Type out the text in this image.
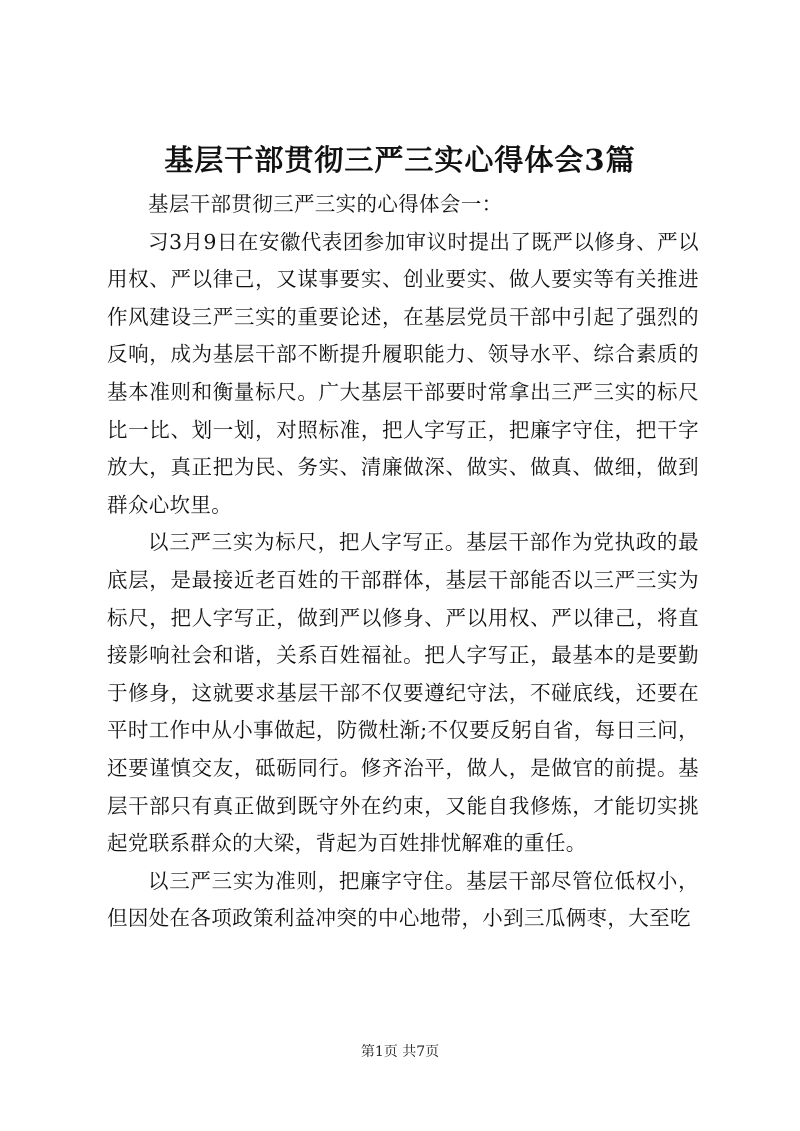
基层干部贯彻三严三实心得体会3篇

基层干部贯彻三严三实的心得体会一：

习3月9日在安徽代表团参加审议时提出了既严以修身、严以用权、严以律己，又谋事要实、创业要实、做人要实等有关推进作风建设三严三实的重要论述，在基层党员干部中引起了强烈的反响，成为基层干部不断提升履职能力、领导水平、综合素质的基本准则和衡量标尺。广大基层干部要时常拿出三严三实的标尺比一比、划一划，对照标准，把人字写正，把廉字守住，把干字放大，真正把为民、务实、清廉做深、做实、做真、做细，做到群众心坎里。

以三严三实为标尺，把人字写正。基层干部作为党执政的最底层，是最接近老百姓的干部群体，基层干部能否以三严三实为标尺，把人字写正，做到严以修身、严以用权、严以律己，将直接影响社会和谐，关系百姓福祉。把人字写正，最基本的是要勤于修身，这就要求基层干部不仅要遵纪守法，不碰底线，还要在平时工作中从小事做起，防微杜渐;不仅要反躬自省，每日三问，还要谨慎交友，砥砺同行。修齐治平，做人，是做官的前提。基层干部只有真正做到既守外在约束，又能自我修炼，才能切实挑起党联系群众的大梁，背起为百姓排忧解难的重任。

以三严三实为准则，把廉字守住。基层干部尽管位低权小，但因处在各项政策利益冲突的中心地带，小到三瓜俩枣，大至吃

第1页 共7页
